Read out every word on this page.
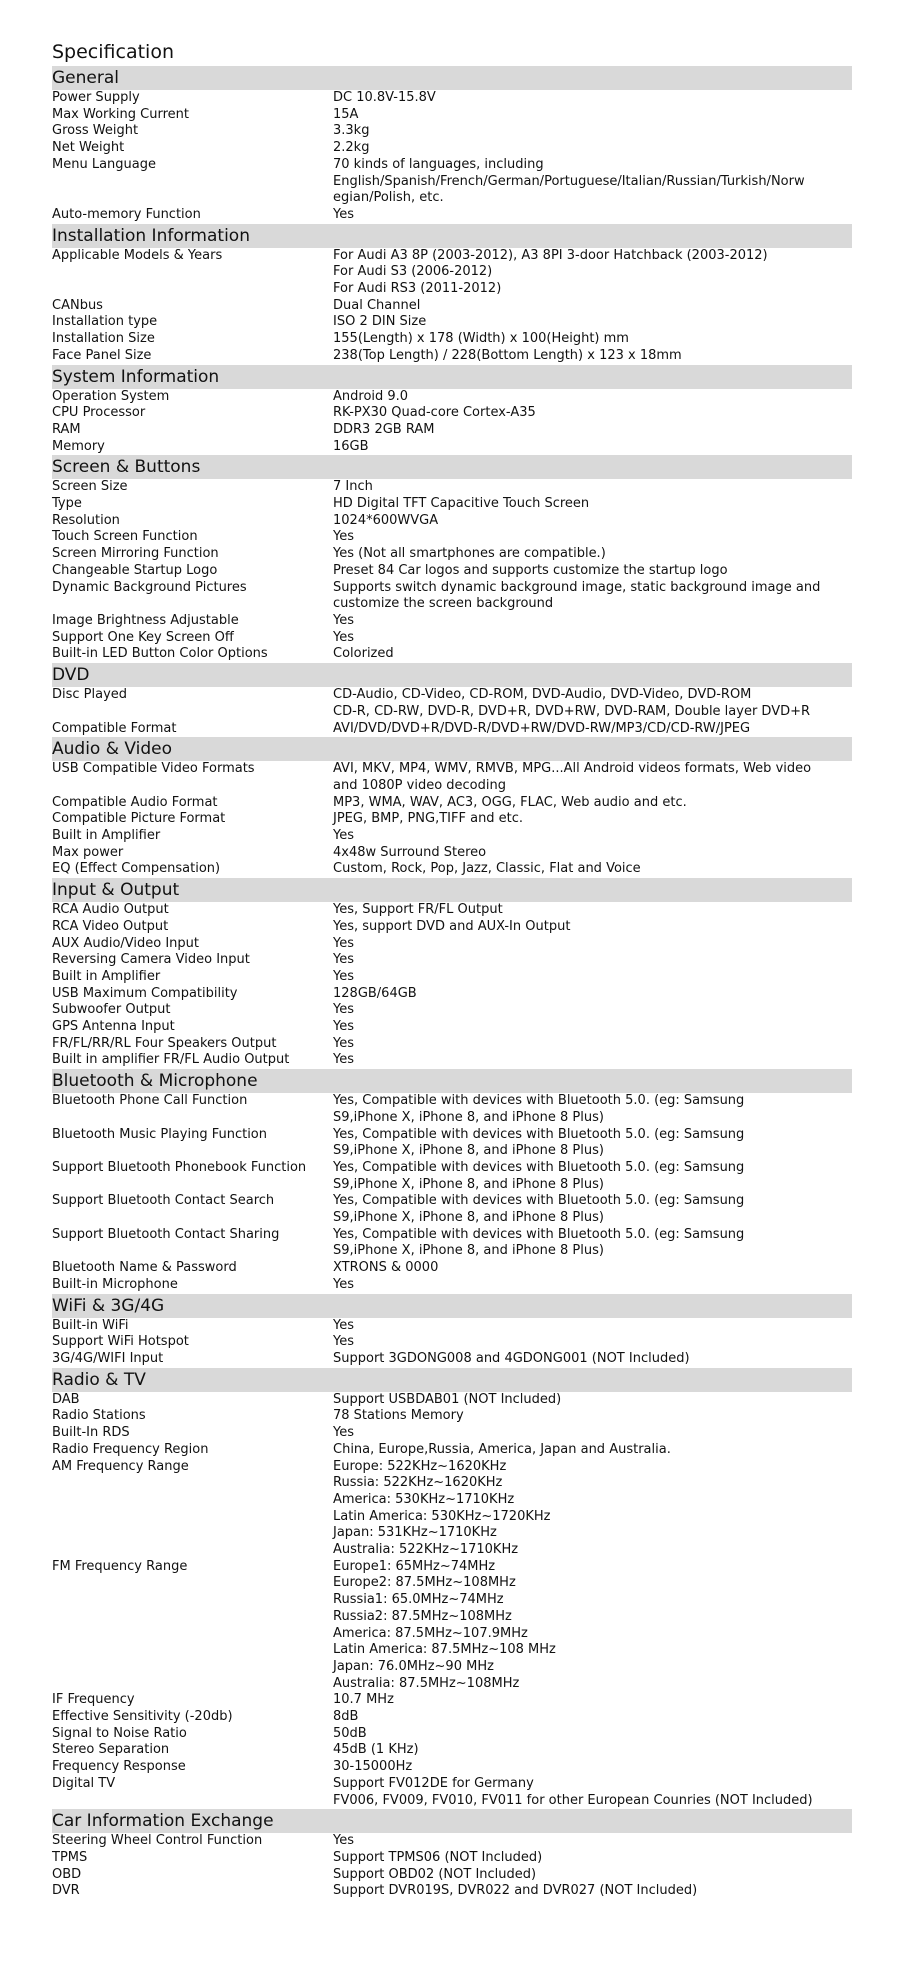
Specification
General
Power Supply	DC 10.8V-15.8V
Max Working Current	15A
Gross Weight	3.3kg
Net Weight	2.2kg
Menu Language	70 kinds of languages, including
English/Spanish/French/German/Portuguese/Italian/Russian/Turkish/Norw
egian/Polish, etc.
Auto-memory Function	Yes
Installation Information
Applicable Models & Years	For Audi A3 8P (2003-2012), A3 8PI 3-door Hatchback (2003-2012)
For Audi S3 (2006-2012)
For Audi RS3 (2011-2012)
CANbus	Dual Channel
Installation type	ISO 2 DIN Size
Installation Size	155(Length) x 178 (Width) x 100(Height) mm
Face Panel Size	238(Top Length) / 228(Bottom Length) x 123 x 18mm
System Information
Operation System	Android 9.0
CPU Processor	RK-PX30 Quad-core Cortex-A35
RAM	DDR3 2GB RAM
Memory	16GB
Screen & Buttons
Screen Size	7 Inch
Type	HD Digital TFT Capacitive Touch Screen
Resolution	1024*600WVGA
Touch Screen Function	Yes
Screen Mirroring Function	Yes (Not all smartphones are compatible.)
Changeable Startup Logo	Preset 84 Car logos and supports customize the startup logo
Dynamic Background Pictures	Supports switch dynamic background image, static background image and
customize the screen background
Image Brightness Adjustable	Yes
Support One Key Screen Off	Yes
Built-in LED Button Color Options	Colorized
DVD
Disc Played	CD-Audio, CD-Video, CD-ROM, DVD-Audio, DVD-Video, DVD-ROM
CD-R, CD-RW, DVD-R, DVD+R, DVD+RW, DVD-RAM, Double layer DVD+R
Compatible Format	AVI/DVD/DVD+R/DVD-R/DVD+RW/DVD-RW/MP3/CD/CD-RW/JPEG
Audio & Video
USB Compatible Video Formats	AVI, MKV, MP4, WMV, RMVB, MPG...All Android videos formats, Web video
and 1080P video decoding
Compatible Audio Format	MP3, WMA, WAV, AC3, OGG, FLAC, Web audio and etc.
Compatible Picture Format	JPEG, BMP, PNG,TIFF and etc.
Built in Amplifier	Yes
Max power	4x48w Surround Stereo
EQ (Effect Compensation)	Custom, Rock, Pop, Jazz, Classic, Flat and Voice
Input & Output
RCA Audio Output	Yes, Support FR/FL Output
RCA Video Output	Yes, support DVD and AUX-In Output
AUX Audio/Video Input	Yes
Reversing Camera Video Input	Yes
Built in Amplifier	Yes
USB Maximum Compatibility	128GB/64GB
Subwoofer Output	Yes
GPS Antenna Input	Yes
FR/FL/RR/RL Four Speakers Output	Yes
Built in amplifier FR/FL Audio Output	Yes
Bluetooth & Microphone
Bluetooth Phone Call Function	Yes, Compatible with devices with Bluetooth 5.0. (eg: Samsung
S9,iPhone X, iPhone 8, and iPhone 8 Plus)
Bluetooth Music Playing Function	Yes, Compatible with devices with Bluetooth 5.0. (eg: Samsung
S9,iPhone X, iPhone 8, and iPhone 8 Plus)
Support Bluetooth Phonebook Function	Yes, Compatible with devices with Bluetooth 5.0. (eg: Samsung
S9,iPhone X, iPhone 8, and iPhone 8 Plus)
Support Bluetooth Contact Search	Yes, Compatible with devices with Bluetooth 5.0. (eg: Samsung
S9,iPhone X, iPhone 8, and iPhone 8 Plus)
Support Bluetooth Contact Sharing	Yes, Compatible with devices with Bluetooth 5.0. (eg: Samsung
S9,iPhone X, iPhone 8, and iPhone 8 Plus)
Bluetooth Name & Password	XTRONS & 0000
Built-in Microphone	Yes
WiFi & 3G/4G
Built-in WiFi	Yes
Support WiFi Hotspot	Yes
3G/4G/WIFI Input	Support 3GDONG008 and 4GDONG001 (NOT Included)
Radio & TV
DAB	Support USBDAB01 (NOT Included)
Radio Stations	78 Stations Memory
Built-In RDS	Yes
Radio Frequency Region	China, Europe,Russia, America, Japan and Australia.
AM Frequency Range	Europe: 522KHz~1620KHz
Russia: 522KHz~1620KHz
America: 530KHz~1710KHz
Latin America: 530KHz~1720KHz
Japan: 531KHz~1710KHz
Australia: 522KHz~1710KHz
FM Frequency Range	Europe1: 65MHz~74MHz
Europe2: 87.5MHz~108MHz
Russia1: 65.0MHz~74MHz
Russia2: 87.5MHz~108MHz
America: 87.5MHz~107.9MHz
Latin America: 87.5MHz~108 MHz
Japan: 76.0MHz~90 MHz
Australia: 87.5MHz~108MHz
IF Frequency	10.7 MHz
Effective Sensitivity (-20db)	8dB
Signal to Noise Ratio	50dB
Stereo Separation	45dB (1 KHz)
Frequency Response	30-15000Hz
Digital TV	Support FV012DE for Germany
FV006, FV009, FV010, FV011 for other European Counries (NOT Included)
Car Information Exchange
Steering Wheel Control Function	Yes
TPMS	Support TPMS06 (NOT Included)
OBD	Support OBD02 (NOT Included)
DVR	Support DVR019S, DVR022 and DVR027 (NOT Included)
